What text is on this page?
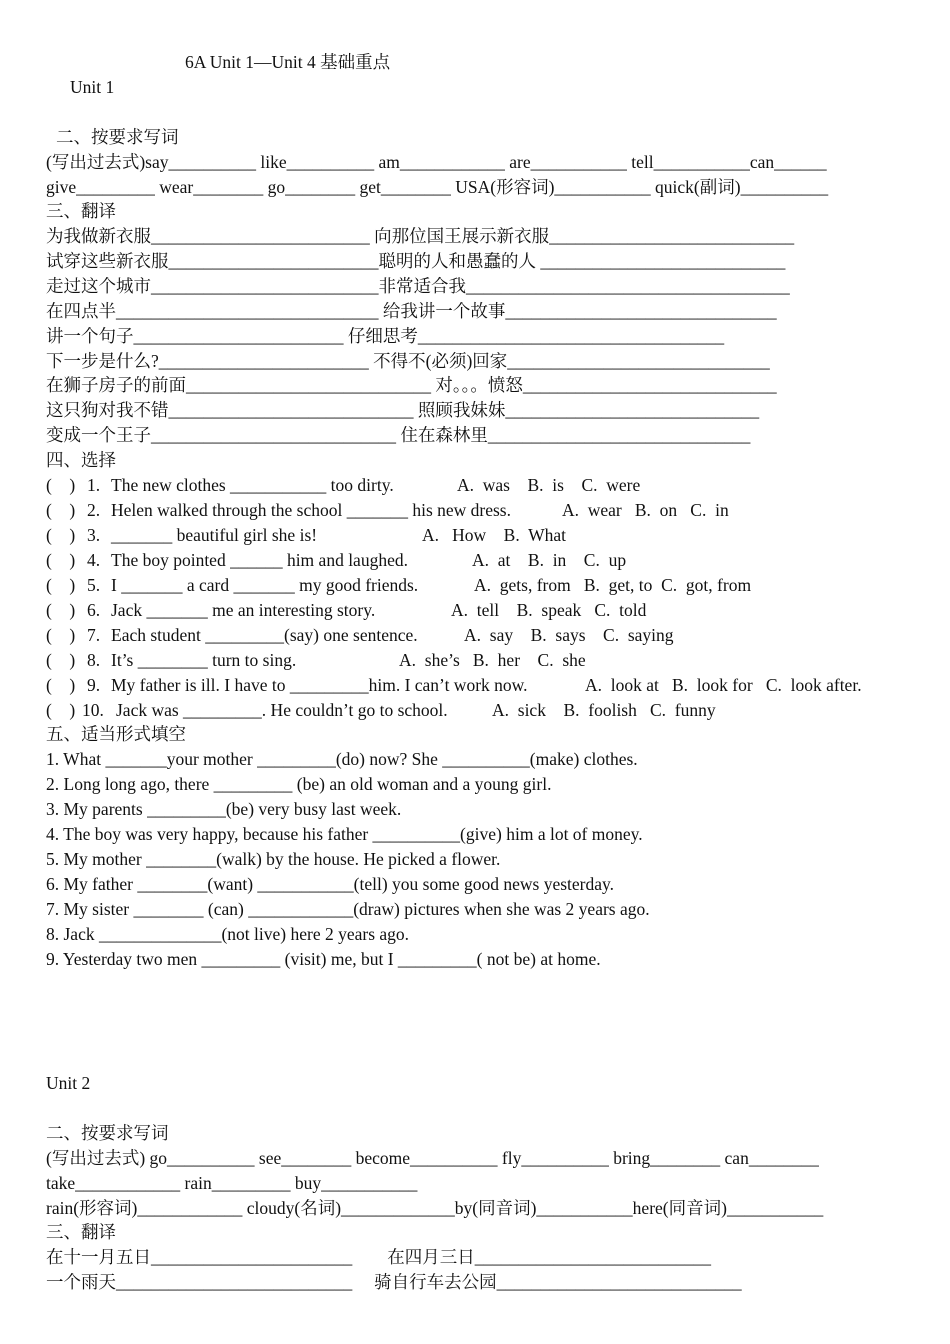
6A Unit 1—Unit 4 基础重点
Unit 1
二、按要求写词
(写出过去式)say__________ like__________ am____________ are___________ tell___________can______
give_________ wear________ go________ get________ USA(形容词)___________ quick(副词)__________
三、翻译
为我做新衣服_________________________ 向那位国王展示新衣服____________________________
试穿这些新衣服________________________聪明的人和愚蠢的人 ____________________________
走过这个城市__________________________非常适合我_____________________________________
在四点半______________________________ 给我讲一个故事_______________________________
讲一个句子________________________ 仔细思考___________________________________
下一步是什么?________________________ 不得不(必须)回家______________________________
在狮子房子的前面____________________________ 对。。。愤怒_____________________________
这只狗对我不错____________________________ 照顾我妹妹_____________________________
变成一个王子____________________________ 住在森林里______________________________
四、选择
(    ) 1. The new clothes ___________ too dirty.	A.  was    B.  is    C.  were
(    ) 2. Helen walked through the school _______ his new dress.	A.  wear   B.  on   C.  in
(    ) 3. _______ beautiful girl she is!	A.   How    B.  What
(    ) 4. The boy pointed ______ him and laughed.	A.  at    B.  in    C.  up
(    ) 5. I _______ a card _______ my good friends.	A.  gets, from   B.  get, to  C.  got, from
(    ) 6. Jack _______ me an interesting story.	A.  tell    B.  speak   C.  told
(    ) 7. Each student _________(say) one sentence.	A.  say    B.  says    C.  saying
(    ) 8. It’s ________ turn to sing.	A.  she’s   B.  her    C.  she
(    ) 9. My father is ill. I have to _________him. I can’t work now.	A.  look at   B.  look for   C.  look after.
(    ) 10. Jack was _________. He couldn’t go to school.	A.  sick    B.  foolish   C.  funny
五、适当形式填空
1. What _______your mother _________(do) now? She __________(make) clothes.
2. Long long ago, there _________ (be) an old woman and a young girl.
3. My parents _________(be) very busy last week.
4. The boy was very happy, because his father __________(give) him a lot of money.
5. My mother ________(walk) by the house. He picked a flower.
6. My father ________(want) ___________(tell) you some good news yesterday.
7. My sister ________ (can) ____________(draw) pictures when she was 2 years ago.
8. Jack ______________(not live) here 2 years ago.
9. Yesterday two men _________ (visit) me, but I _________( not be) at home.
Unit 2
二、按要求写词
(写出过去式) go__________ see________ become__________ fly__________ bring________ can________
take____________ rain_________ buy___________
rain(形容词)____________ cloudy(名词)_____________by(同音词)___________here(同音词)___________
三、翻译
在十一月五日_______________________        在四月三日___________________________
一个雨天___________________________     骑自行车去公园____________________________
